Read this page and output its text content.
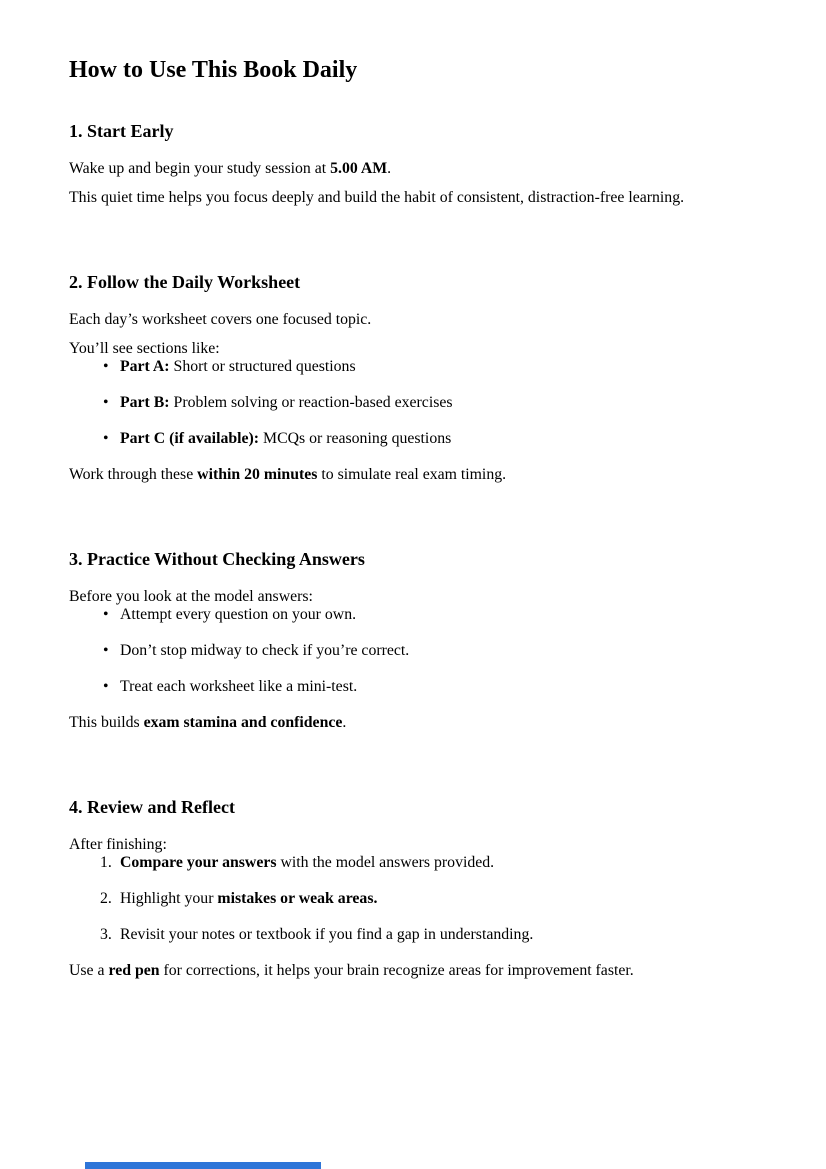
How to Use This Book Daily
1. Start Early

Wake up and begin your study session at 5.00 AM.

This quiet time helps you focus deeply and build the habit of consistent, distraction-free learning.

2. Follow the Daily Worksheet

Each day’s worksheet covers one focused topic.

You’ll see sections like:

• Part A: Short or structured questions
• Part B: Problem solving or reaction-based exercises
• Part C (if available): MCQs or reasoning questions

Work through these within 20 minutes to simulate real exam timing.

3. Practice Without Checking Answers

Before you look at the model answers:

• Attempt every question on your own.
• Don’t stop midway to check if you’re correct.
• Treat each worksheet like a mini-test.

This builds exam stamina and confidence.

4. Review and Reflect

After finishing:

1. Compare your answers with the model answers provided.
2. Highlight your mistakes or weak areas.
3. Revisit your notes or textbook if you find a gap in understanding.

Use a red pen for corrections, it helps your brain recognize areas for improvement faster.
